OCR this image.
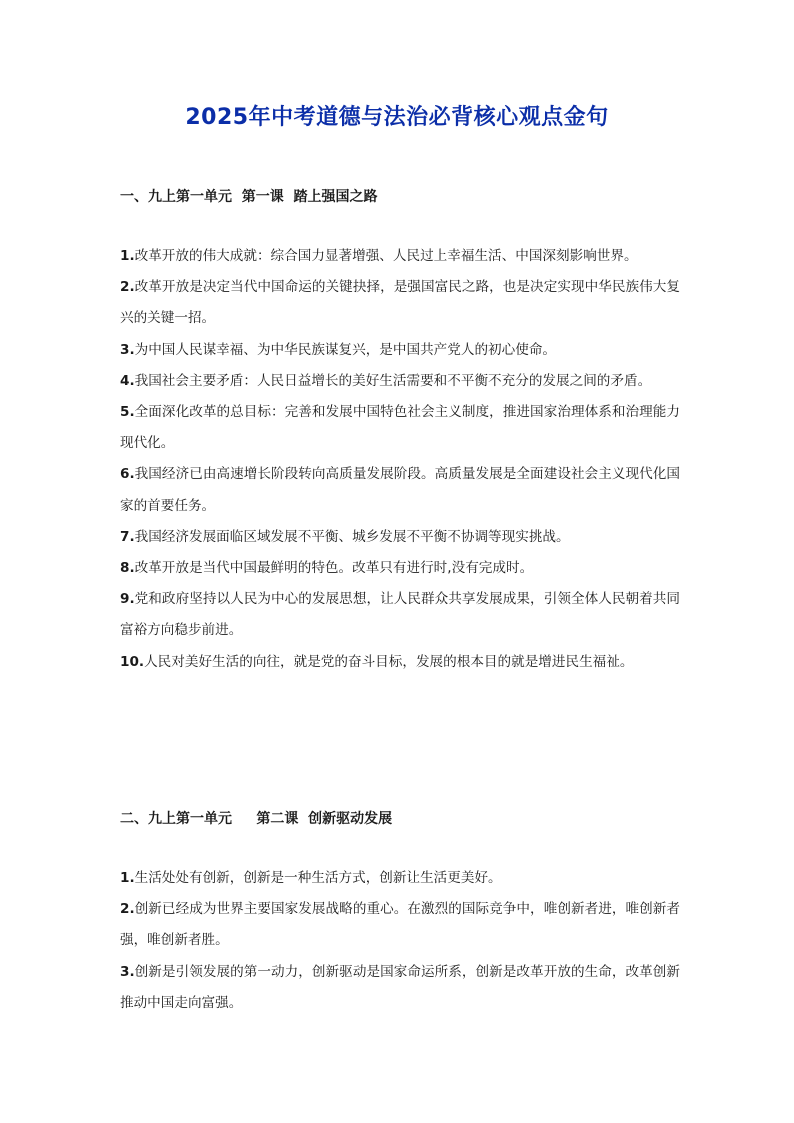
2025年中考道德与法治必背核心观点金句
一、九上第一单元  第一课  踏上强国之路
1.改革开放的伟大成就：综合国力显著增强、人民过上幸福生活、中国深刻影响世界。
2.改革开放是决定当代中国命运的关键抉择，是强国富民之路，也是决定实现中华民族伟大复兴的关键一招。
3.为中国人民谋幸福、为中华民族谋复兴，是中国共产党人的初心使命。
4.我国社会主要矛盾：人民日益增长的美好生活需要和不平衡不充分的发展之间的矛盾。
5.全面深化改革的总目标：完善和发展中国特色社会主义制度，推进国家治理体系和治理能力现代化。
6.我国经济已由高速增长阶段转向高质量发展阶段。高质量发展是全面建设社会主义现代化国家的首要任务。
7.我国经济发展面临区域发展不平衡、城乡发展不平衡不协调等现实挑战。
8.改革开放是当代中国最鲜明的特色。改革只有进行时,没有完成时。
9.党和政府坚持以人民为中心的发展思想，让人民群众共享发展成果，引领全体人民朝着共同富裕方向稳步前进。
10.人民对美好生活的向往，就是党的奋斗目标，发展的根本目的就是增进民生福祉。
二、九上第一单元     第二课  创新驱动发展
1.生活处处有创新，创新是一种生活方式，创新让生活更美好。
2.创新已经成为世界主要国家发展战略的重心。在激烈的国际竞争中，唯创新者进，唯创新者强，唯创新者胜。
3.创新是引领发展的第一动力，创新驱动是国家命运所系，创新是改革开放的生命，改革创新推动中国走向富强。
